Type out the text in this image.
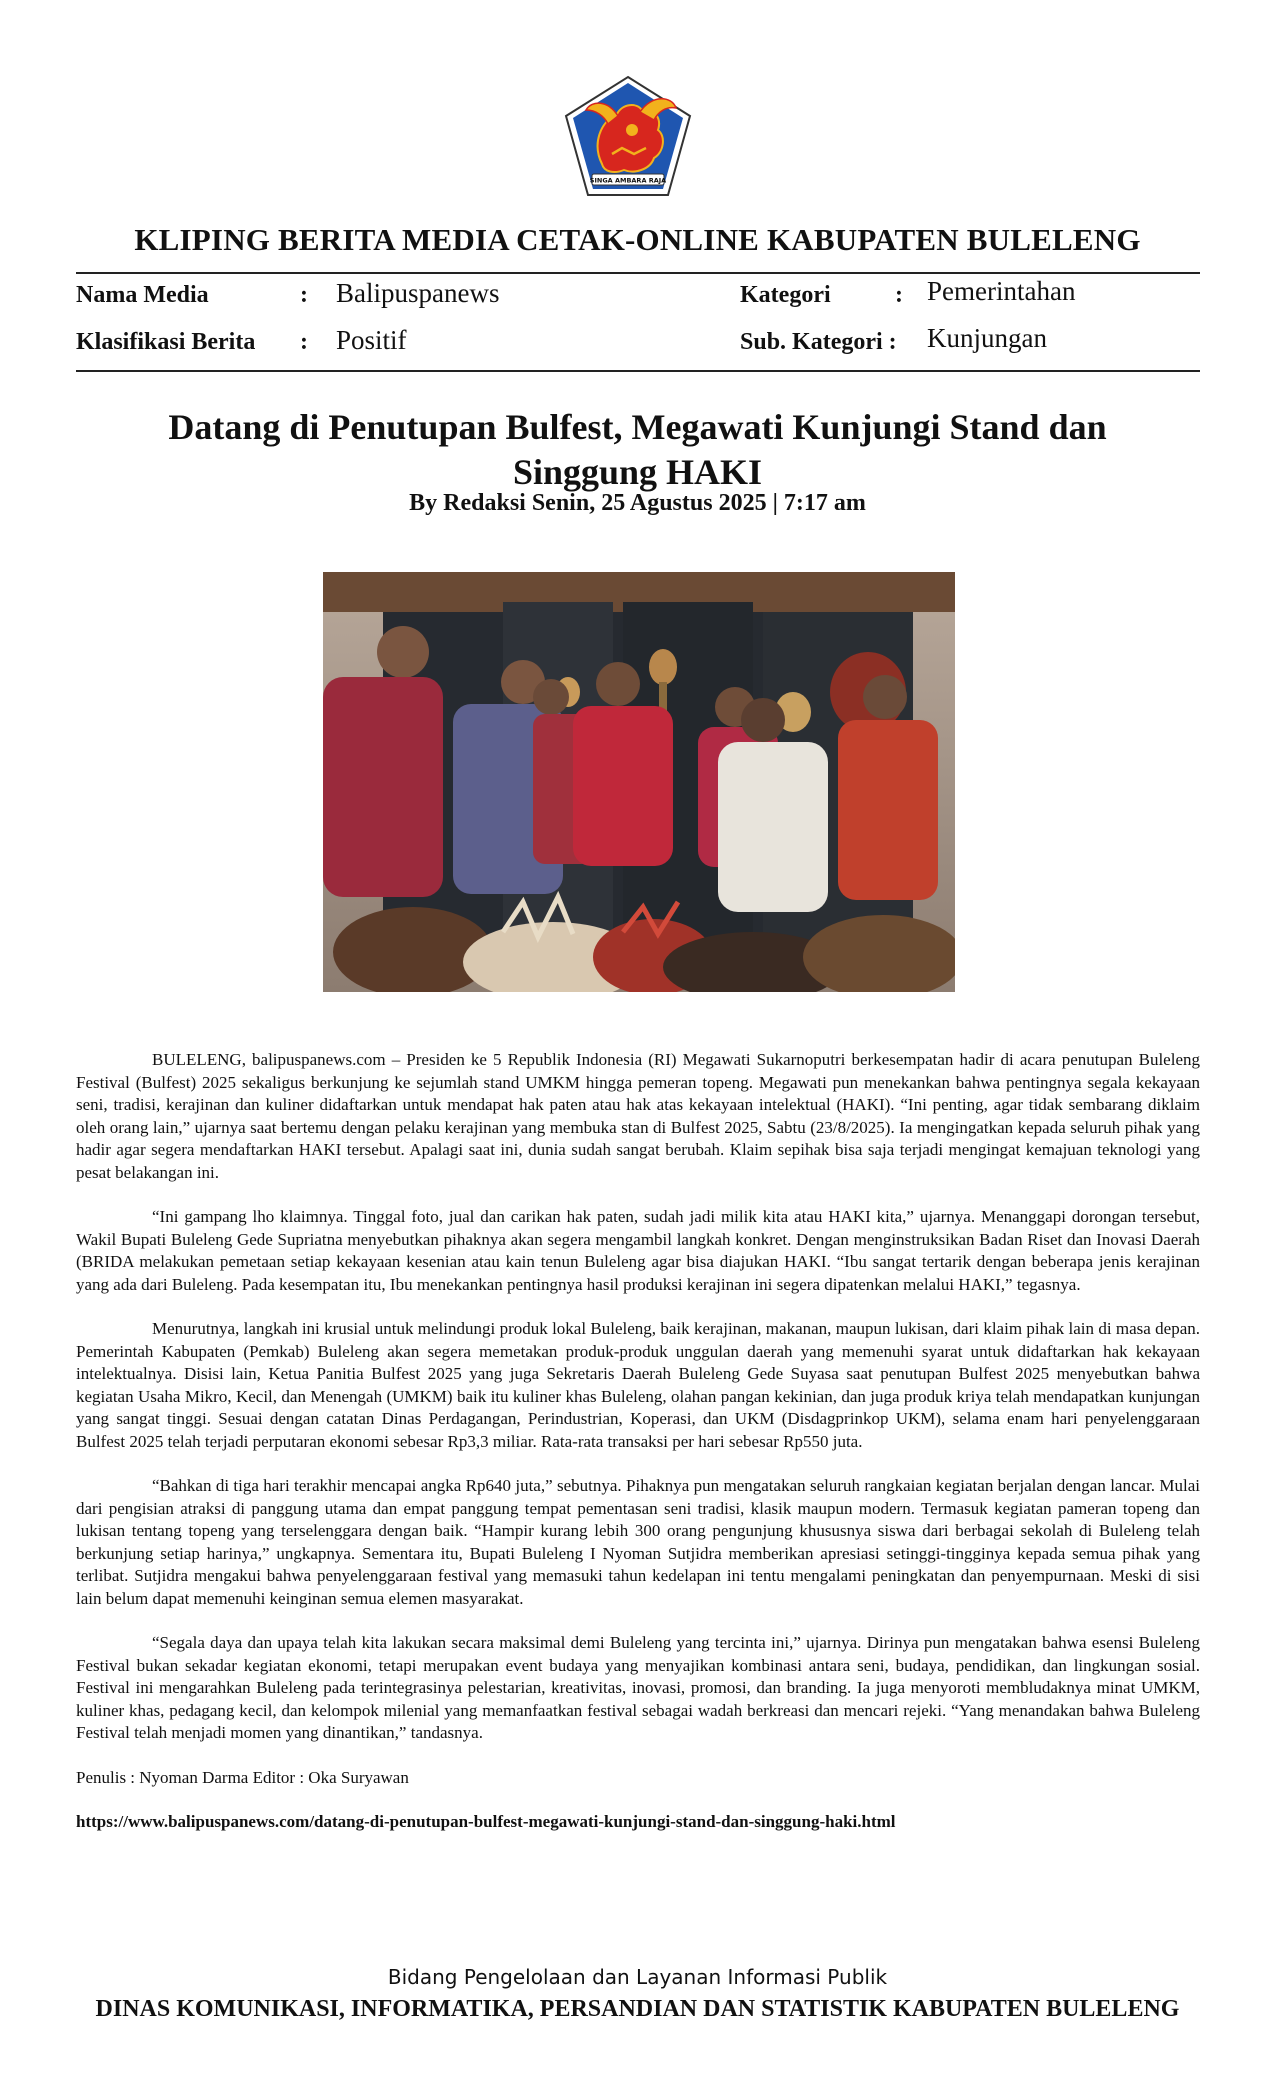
SINGA AMBARA RAJA
KLIPING BERITA MEDIA CETAK-ONLINE KABUPATEN BULELENG
Nama Media	: Balipuspanews	Kategori	: Pemerintahan
Klasifikasi Berita : Positif	Sub. Kategori : Kunjungan
Datang di Penutupan Bulfest, Megawati Kunjungi Stand dan
Singgung HAKI
By Redaksi Senin, 25 Agustus 2025 | 7:17 am

BULELENG, balipuspanews.com – Presiden ke 5 Republik Indonesia (RI) Megawati Sukarnoputri berkesempatan hadir di acara penutupan Buleleng Festival (Bulfest) 2025 sekaligus berkunjung ke sejumlah stand UMKM hingga pemeran topeng. Megawati pun menekankan bahwa pentingnya segala kekayaan seni, tradisi, kerajinan dan kuliner didaftarkan untuk mendapat hak paten atau hak atas kekayaan intelektual (HAKI). “Ini penting, agar tidak sembarang diklaim oleh orang lain,” ujarnya saat bertemu dengan pelaku kerajinan yang membuka stan di Bulfest 2025, Sabtu (23/8/2025). Ia mengingatkan kepada seluruh pihak yang hadir agar segera mendaftarkan HAKI tersebut. Apalagi saat ini, dunia sudah sangat berubah. Klaim sepihak bisa saja terjadi mengingat kemajuan teknologi yang pesat belakangan ini.

“Ini gampang lho klaimnya. Tinggal foto, jual dan carikan hak paten, sudah jadi milik kita atau HAKI kita,” ujarnya. Menanggapi dorongan tersebut, Wakil Bupati Buleleng Gede Supriatna menyebutkan pihaknya akan segera mengambil langkah konkret. Dengan menginstruksikan Badan Riset dan Inovasi Daerah (BRIDA melakukan pemetaan setiap kekayaan kesenian atau kain tenun Buleleng agar bisa diajukan HAKI. “Ibu sangat tertarik dengan beberapa jenis kerajinan yang ada dari Buleleng. Pada kesempatan itu, Ibu menekankan pentingnya hasil produksi kerajinan ini segera dipatenkan melalui HAKI,” tegasnya.

Menurutnya, langkah ini krusial untuk melindungi produk lokal Buleleng, baik kerajinan, makanan, maupun lukisan, dari klaim pihak lain di masa depan. Pemerintah Kabupaten (Pemkab) Buleleng akan segera memetakan produk-produk unggulan daerah yang memenuhi syarat untuk didaftarkan hak kekayaan intelektualnya. Disisi lain, Ketua Panitia Bulfest 2025 yang juga Sekretaris Daerah Buleleng Gede Suyasa saat penutupan Bulfest 2025 menyebutkan bahwa kegiatan Usaha Mikro, Kecil, dan Menengah (UMKM) baik itu kuliner khas Buleleng, olahan pangan kekinian, dan juga produk kriya telah mendapatkan kunjungan yang sangat tinggi. Sesuai dengan catatan Dinas Perdagangan, Perindustrian, Koperasi, dan UKM (Disdagprinkop UKM), selama enam hari penyelenggaraan Bulfest 2025 telah terjadi perputaran ekonomi sebesar Rp3,3 miliar. Rata-rata transaksi per hari sebesar Rp550 juta.

“Bahkan di tiga hari terakhir mencapai angka Rp640 juta,” sebutnya. Pihaknya pun mengatakan seluruh rangkaian kegiatan berjalan dengan lancar. Mulai dari pengisian atraksi di panggung utama dan empat panggung tempat pementasan seni tradisi, klasik maupun modern. Termasuk kegiatan pameran topeng dan lukisan tentang topeng yang terselenggara dengan baik. “Hampir kurang lebih 300 orang pengunjung khususnya siswa dari berbagai sekolah di Buleleng telah berkunjung setiap harinya,” ungkapnya. Sementara itu, Bupati Buleleng I Nyoman Sutjidra memberikan apresiasi setinggi-tingginya kepada semua pihak yang terlibat. Sutjidra mengakui bahwa penyelenggaraan festival yang memasuki tahun kedelapan ini tentu mengalami peningkatan dan penyempurnaan. Meski di sisi lain belum dapat memenuhi keinginan semua elemen masyarakat.

“Segala daya dan upaya telah kita lakukan secara maksimal demi Buleleng yang tercinta ini,” ujarnya. Dirinya pun mengatakan bahwa esensi Buleleng Festival bukan sekadar kegiatan ekonomi, tetapi merupakan event budaya yang menyajikan kombinasi antara seni, budaya, pendidikan, dan lingkungan sosial. Festival ini mengarahkan Buleleng pada terintegrasinya pelestarian, kreativitas, inovasi, promosi, dan branding. Ia juga menyoroti membludaknya minat UMKM, kuliner khas, pedagang kecil, dan kelompok milenial yang memanfaatkan festival sebagai wadah berkreasi dan mencari rejeki. “Yang menandakan bahwa Buleleng Festival telah menjadi momen yang dinantikan,” tandasnya.

Penulis : Nyoman Darma Editor : Oka Suryawan
https://www.balipuspanews.com/datang-di-penutupan-bulfest-megawati-kunjungi-stand-dan-singgung-haki.html
Bidang Pengelolaan dan Layanan Informasi Publik
DINAS KOMUNIKASI, INFORMATIKA, PERSANDIAN DAN STATISTIK KABUPATEN BULELENG
